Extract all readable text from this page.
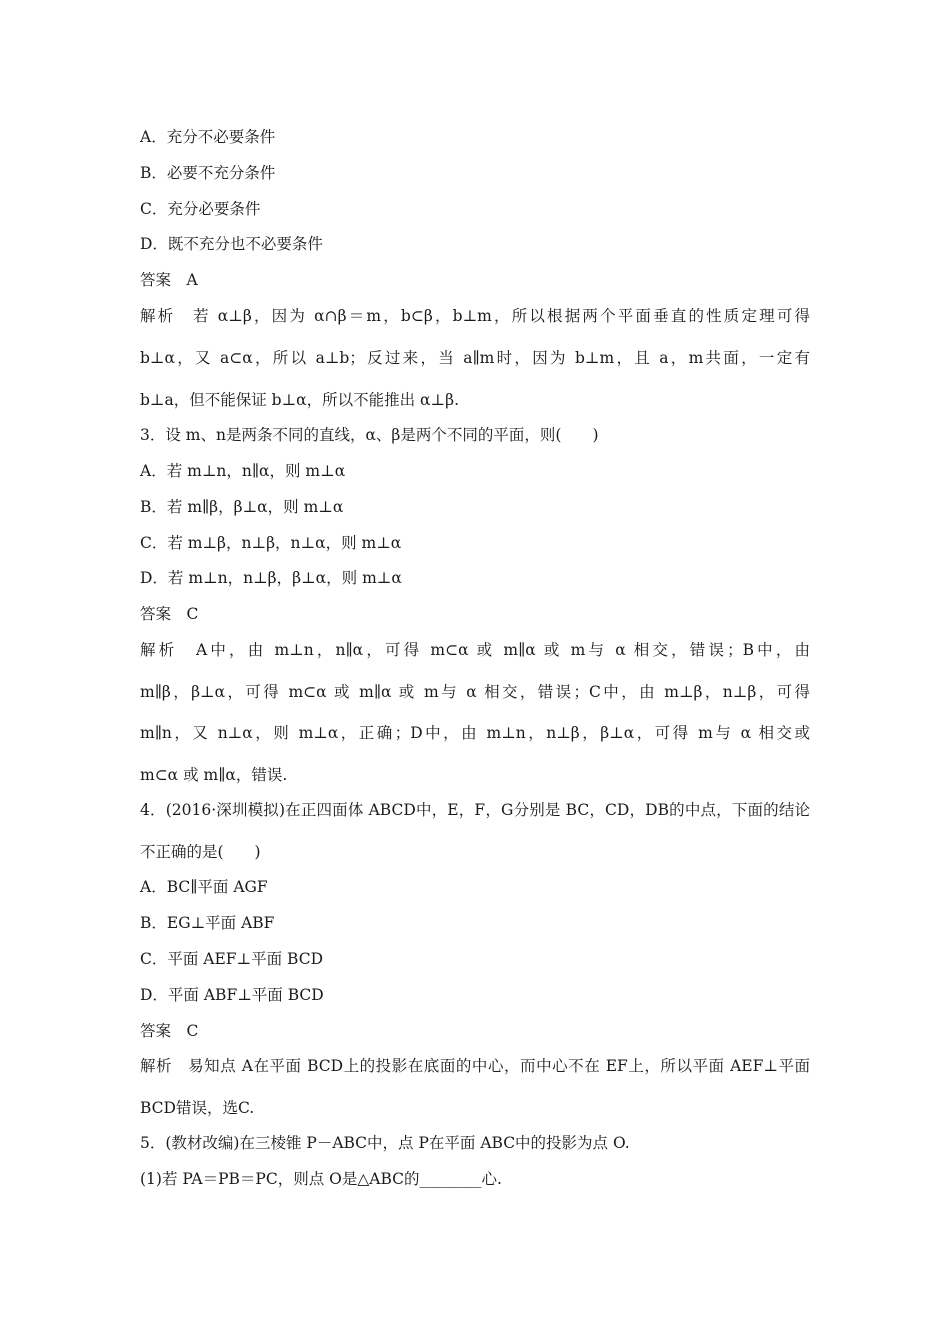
A．充分不必要条件
B．必要不充分条件
C．充分必要条件
D．既不充分也不必要条件
答案　A
解析　若 α⊥β，因为 α∩β＝m，b⊂β，b⊥m，所以根据两个平面垂直的性质定理可得
b⊥α，又 a⊂α，所以 a⊥b；反过来，当 a∥m时，因为 b⊥m，且 a，m共面，一定有
b⊥a，但不能保证 b⊥α，所以不能推出 α⊥β.
3．设 m、n是两条不同的直线，α、β是两个不同的平面，则(　　)
A．若 m⊥n，n∥α，则 m⊥α
B．若 m∥β，β⊥α，则 m⊥α
C．若 m⊥β，n⊥β，n⊥α，则 m⊥α
D．若 m⊥n，n⊥β，β⊥α，则 m⊥α
答案　C
解析　A中，由 m⊥n，n∥α，可得 m⊂α 或 m∥α 或 m与 α 相交，错误；B中，由
m∥β，β⊥α，可得 m⊂α 或 m∥α 或 m与 α 相交，错误；C中，由 m⊥β，n⊥β，可得
m∥n，又 n⊥α，则 m⊥α，正确；D中，由 m⊥n，n⊥β，β⊥α，可得 m与 α 相交或
m⊂α 或 m∥α，错误.
4．(2016·深圳模拟)在正四面体 ABCD中，E，F，G分别是 BC，CD，DB的中点，下面的结论
不正确的是(　　)
A．BC∥平面 AGF
B．EG⊥平面 ABF
C．平面 AEF⊥平面 BCD
D．平面 ABF⊥平面 BCD
答案　C
解析　易知点 A在平面 BCD上的投影在底面的中心，而中心不在 EF上，所以平面 AEF⊥平面
BCD错误，选C.
5．(教材改编)在三棱锥 P－ABC中，点 P在平面 ABC中的投影为点 O.
(1)若 PA＝PB＝PC，则点 O是△ABC的________心.
